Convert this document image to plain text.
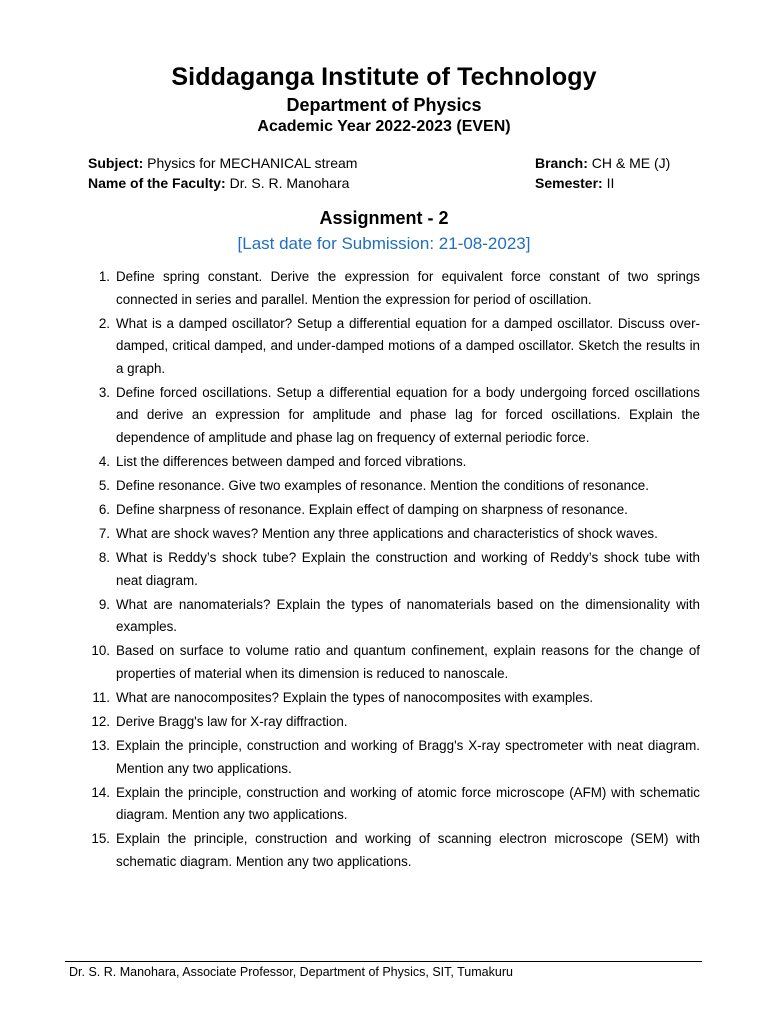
Siddaganga Institute of Technology
Department of Physics
Academic Year 2022-2023 (EVEN)
Subject: Physics for MECHANICAL stream
Name of the Faculty: Dr. S. R. Manohara
Branch: CH & ME (J)
Semester: II
Assignment - 2
[Last date for Submission: 21-08-2023]
1. Define spring constant. Derive the expression for equivalent force constant of two springs connected in series and parallel. Mention the expression for period of oscillation.
2. What is a damped oscillator? Setup a differential equation for a damped oscillator. Discuss over-damped, critical damped, and under-damped motions of a damped oscillator. Sketch the results in a graph.
3. Define forced oscillations. Setup a differential equation for a body undergoing forced oscillations and derive an expression for amplitude and phase lag for forced oscillations. Explain the dependence of amplitude and phase lag on frequency of external periodic force.
4. List the differences between damped and forced vibrations.
5. Define resonance. Give two examples of resonance. Mention the conditions of resonance.
6. Define sharpness of resonance. Explain effect of damping on sharpness of resonance.
7. What are shock waves? Mention any three applications and characteristics of shock waves.
8. What is Reddy’s shock tube? Explain the construction and working of Reddy’s shock tube with neat diagram.
9. What are nanomaterials? Explain the types of nanomaterials based on the dimensionality with examples.
10. Based on surface to volume ratio and quantum confinement, explain reasons for the change of properties of material when its dimension is reduced to nanoscale.
11. What are nanocomposites? Explain the types of nanocomposites with examples.
12. Derive Bragg's law for X-ray diffraction.
13. Explain the principle, construction and working of Bragg's X-ray spectrometer with neat diagram. Mention any two applications.
14. Explain the principle, construction and working of atomic force microscope (AFM) with schematic diagram. Mention any two applications.
15. Explain the principle, construction and working of scanning electron microscope (SEM) with schematic diagram. Mention any two applications.
Dr. S. R. Manohara, Associate Professor, Department of Physics, SIT, Tumakuru
